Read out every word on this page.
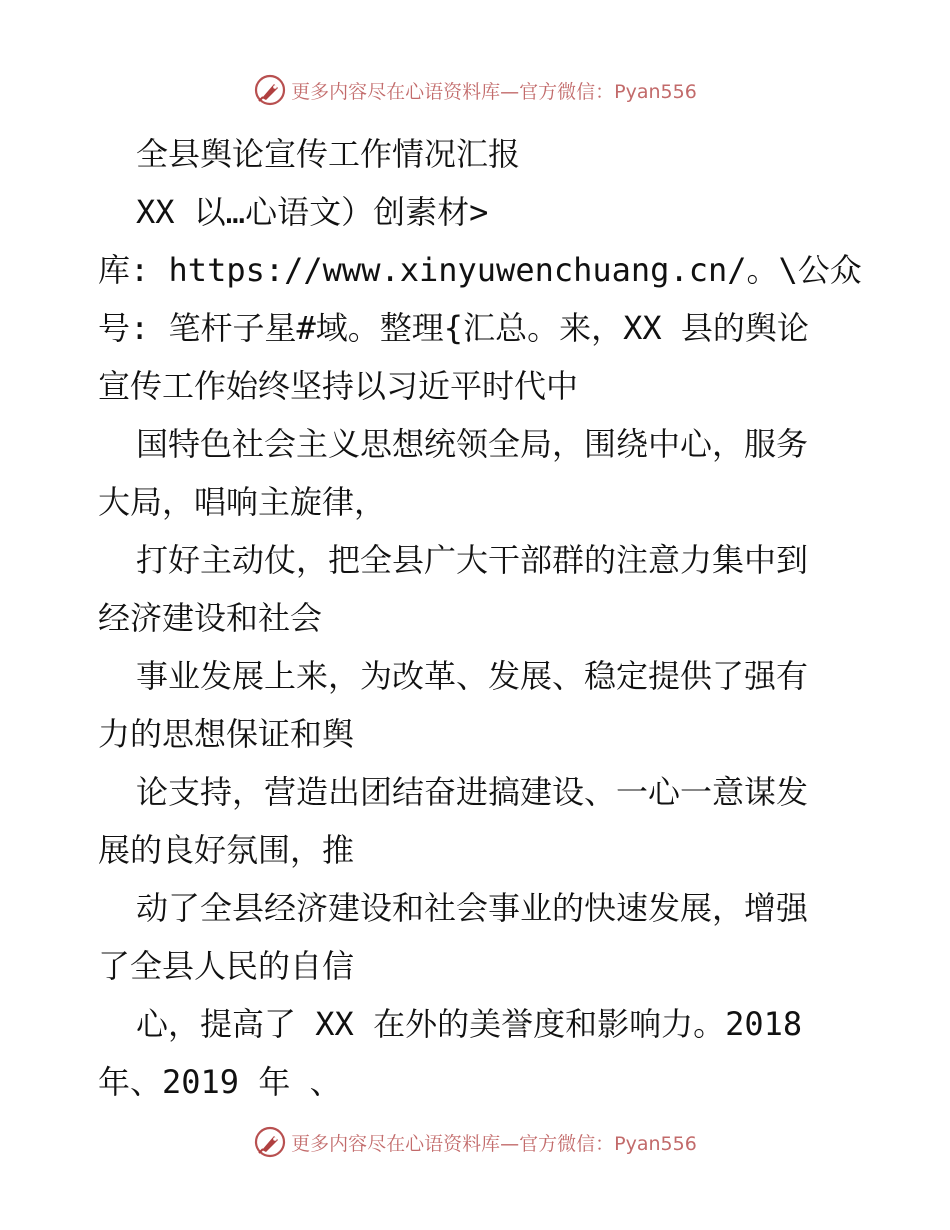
更多内容尽在心语资料库—官方微信：Pyan556
全县舆论宣传工作情况汇报
XX 以…心语文）创素材>
库: https://www.xinyuwenchuang.cn/。\公众
号: 笔杆子星#域。整理{汇总。来，XX 县的舆论
宣传工作始终坚持以习近平时代中
国特色社会主义思想统领全局，围绕中心，服务
大局，唱响主旋律，
打好主动仗，把全县广大干部群的注意力集中到
经济建设和社会
事业发展上来，为改革、发展、稳定提供了强有
力的思想保证和舆
论支持，营造出团结奋进搞建设、一心一意谋发
展的良好氛围，推
动了全县经济建设和社会事业的快速发展，增强
了全县人民的自信
心，提高了 XX 在外的美誉度和影响力。2018
年、2019 年 、
更多内容尽在心语资料库—官方微信：Pyan556
